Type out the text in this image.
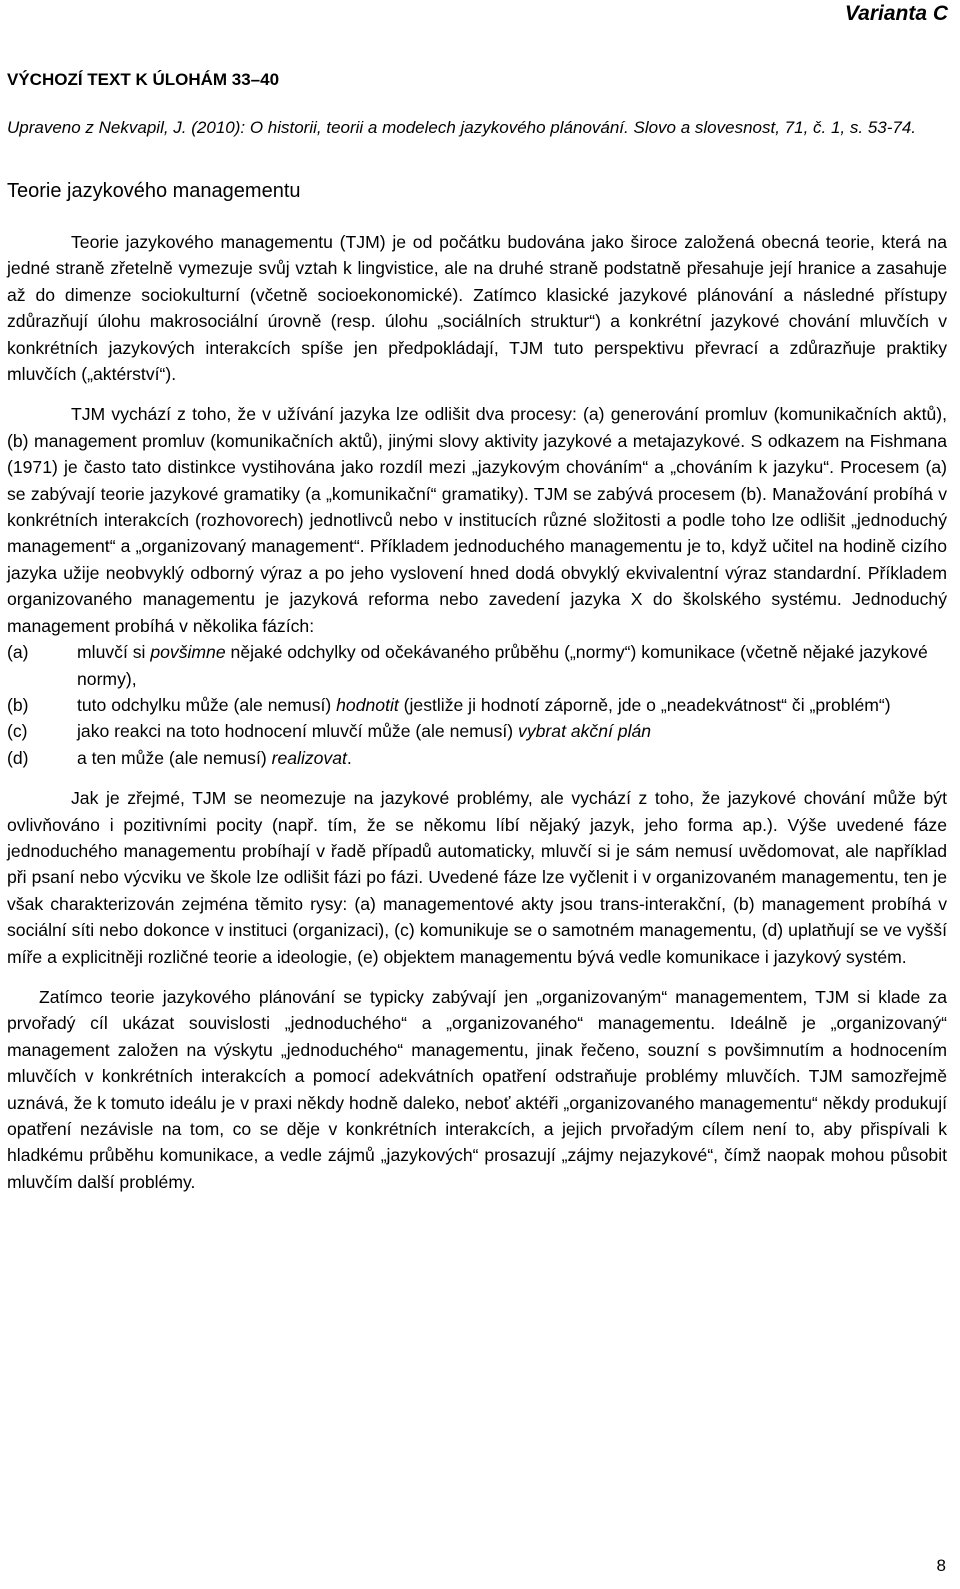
Varianta C
VÝCHOZÍ TEXT K ÚLOHÁM 33–40
Upraveno z Nekvapil, J. (2010): O historii, teorii a modelech jazykového plánování. Slovo a slovesnost, 71, č. 1, s. 53-74.
Teorie jazykového managementu

Teorie jazykového managementu (TJM) je od počátku budována jako široce založená obecná teorie, která na jedné straně zřetelně vymezuje svůj vztah k lingvistice, ale na druhé straně podstatně přesahuje její hranice a zasahuje až do dimenze sociokulturní (včetně socioekonomické). Zatímco klasické jazykové plánování a následné přístupy zdůrazňují úlohu makrosociální úrovně (resp. úlohu „sociálních struktur“) a konkrétní jazykové chování mluvčích v konkrétních jazykových interakcích spíše jen předpokládají, TJM tuto perspektivu převrací a zdůrazňuje praktiky mluvčích („aktérství“).

TJM vychází z toho, že v užívání jazyka lze odlišit dva procesy: (a) generování promluv (komunikačních aktů), (b) management promluv (komunikačních aktů), jinými slovy aktivity jazykové a metajazykové. S odkazem na Fishmana (1971) je často tato distinkce vystihována jako rozdíl mezi „jazykovým chováním“ a „chováním k jazyku“. Procesem (a) se zabývají teorie jazykové gramatiky (a „komunikační“ gramatiky). TJM se zabývá procesem (b). Manažování probíhá v konkrétních interakcích (rozhovorech) jednotlivců nebo v institucích různé složitosti a podle toho lze odlišit „jednoduchý management“ a „organizovaný management“. Příkladem jednoduchého managementu je to, když učitel na hodině cizího jazyka užije neobvyklý odborný výraz a po jeho vyslovení hned dodá obvyklý ekvivalentní výraz standardní. Příkladem organizovaného managementu je jazyková reforma nebo zavedení jazyka X do školského systému. Jednoduchý management probíhá v několika fázích:

(a)	mluvčí si povšimne nějaké odchylky od očekávaného průběhu („normy“) komunikace (včetně nějaké jazykové normy),
(b)	tuto odchylku může (ale nemusí) hodnotit (jestliže ji hodnotí záporně, jde o „neadekvátnost“ či „problém“)
(c)	jako reakci na toto hodnocení mluvčí může (ale nemusí) vybrat akční plán
(d)	a ten může (ale nemusí) realizovat.

Jak je zřejmé, TJM se neomezuje na jazykové problémy, ale vychází z toho, že jazykové chování může být ovlivňováno i pozitivními pocity (např. tím, že se někomu líbí nějaký jazyk, jeho forma ap.). Výše uvedené fáze jednoduchého managementu probíhají v řadě případů automaticky, mluvčí si je sám nemusí uvědomovat, ale například při psaní nebo výcviku ve škole lze odlišit fázi po fázi. Uvedené fáze lze vyčlenit i v organizovaném managementu, ten je však charakterizován zejména těmito rysy: (a) managementové akty jsou trans-interakční, (b) management probíhá v sociální síti nebo dokonce v instituci (organizaci), (c) komunikuje se o samotném managementu, (d) uplatňují se ve vyšší míře a explicitněji rozličné teorie a ideologie, (e) objektem managementu bývá vedle komunikace i jazykový systém.

Zatímco teorie jazykového plánování se typicky zabývají jen „organizovaným“ managementem, TJM si klade za prvořadý cíl ukázat souvislosti „jednoduchého“ a „organizovaného“ managementu. Ideálně je „organizovaný“ management založen na výskytu „jednoduchého“ managementu, jinak řečeno, souzní s povšimnutím a hodnocením mluvčích v konkrétních interakcích a pomocí adekvátních opatření odstraňuje problémy mluvčích. TJM samozřejmě uznává, že k tomuto ideálu je v praxi někdy hodně daleko, neboť aktéři „organizovaného managementu“ někdy produkují opatření nezávisle na tom, co se děje v konkrétních interakcích, a jejich prvořadým cílem není to, aby přispívali k hladkému průběhu komunikace, a vedle zájmů „jazykových“ prosazují „zájmy nejazykové“, čímž naopak mohou působit mluvčím další problémy.

8
